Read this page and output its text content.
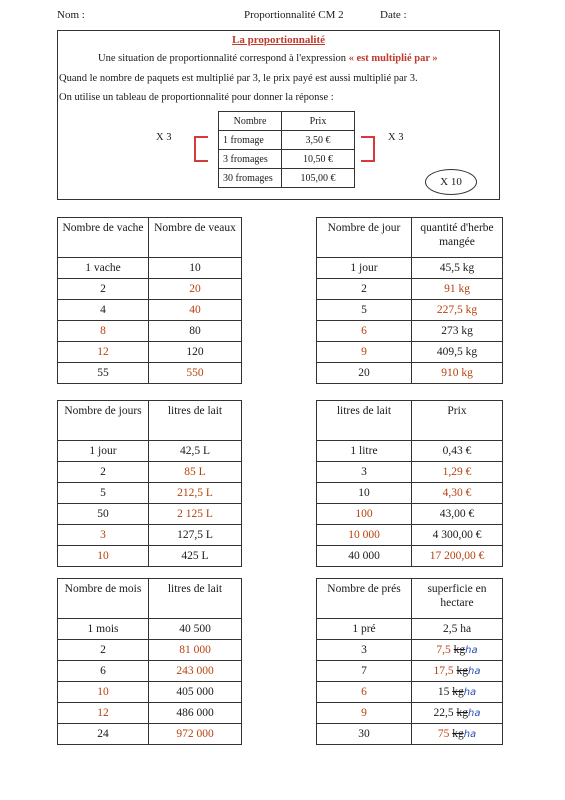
Nom :	Proportionnalité CM 2	Date :
La proportionnalité
Une situation de proportionnalité correspond à l'expression « est multiplié par »
Quand le nombre de paquets est multiplié par 3, le prix payé est aussi multiplié par 3.
On utilise un tableau de proportionnalité pour donner la réponse :
Nombre	Prix
1 fromage	3,50 €
3 fromages	10,50 €
30 fromages	105,00 €
X 3	X 3
X 10
Nombre de vache	Nombre de veaux		Nombre de jour	quantité d'herbe mangée
1 vache	10		1 jour	45,5 kg
2	20		2	91 kg
4	40		5	227,5 kg
8	80		6	273 kg
12	120		9	409,5 kg
55	550		20	910 kg
Nombre de jours	litres de lait		litres de lait	Prix
1 jour	42,5 L		1 litre	0,43 €
2	85 L		3	1,29 €
5	212,5 L		10	4,30 €
50	2 125 L		100	43,00 €
3	127,5 L		10 000	4 300,00 €
10	425 L		40 000	17 200,00 €
Nombre de mois	litres de lait		Nombre de prés	superficie en hectare
1 mois	40 500		1 pré	2,5 ha
2	81 000		3	7,5 kgha
6	243 000		7	17,5 kgha
10	405 000		6	15 kgha
12	486 000		9	22,5 kgha
24	972 000		30	75 kgha
